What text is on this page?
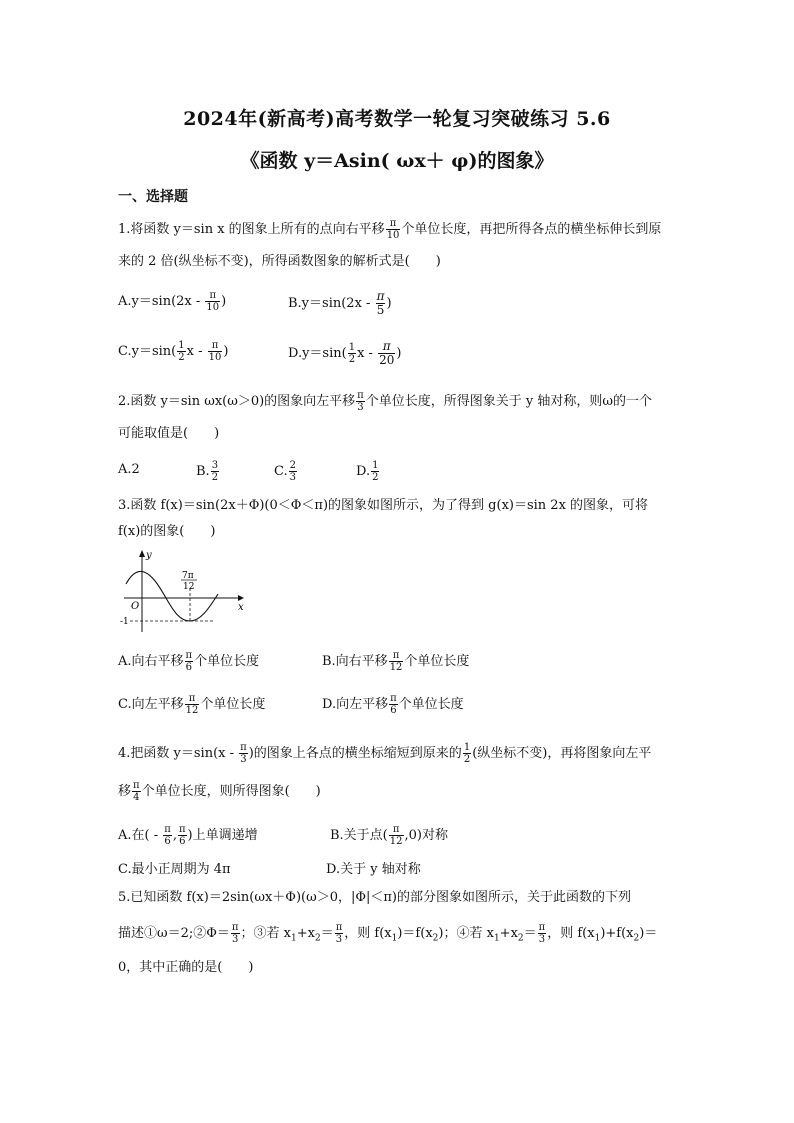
2024年(新高考)高考数学一轮复习突破练习 5.6
《函数 y＝Asin( ωx＋ φ)的图象》
一、选择题
1.将函数 y＝sin x 的图象上所有的点向右平移 $\frac{\pi}{10}$ 个单位长度，再把所得各点的横坐标伸长到原
来的 2 倍(纵坐标不变)，所得函数图象的解析式是(　　)
$A.y=\sin(2x - \frac{\pi}{10}$ )	$B.y=\sin(2x - \frac{\pi}{5}$ )
$C.y=\sin( \frac{1}{2}$ x - $\frac{\pi}{10}$ )	$D.y=\sin( \frac{1}{2}$ x - $\frac{\pi}{20}$ )
2.函数 y＝sin ωx(ω＞0)的图象向左平移 $\frac{\pi}{3}$ 个单位长度，所得图象关于 y 轴对称，则ω的一个
可能取值是(　　)
A.2	B. $\frac{3}{2}$	C. $\frac{2}{3}$	D. $\frac{1}{2}$
3.函数 f(x)＝sin(2x＋Φ)(0＜Φ＜π)的图象如图所示，为了得到 g(x)＝sin 2x 的图象，可将
f(x)的图象(　　)
y
x
O
-1
7π
12
A.向右平移 $\frac{\pi}{6}$ 个单位长度	B.向右平移 $\frac{\pi}{12}$ 个单位长度
C.向左平移 $\frac{\pi}{12}$ 个单位长度	D.向左平移 $\frac{\pi}{6}$ 个单位长度
4.把函数 $y=\sin(x - \frac{\pi}{3}$ )的图象上各点的横坐标缩短到原来的 $\frac{1}{2}$ (纵坐标不变)，再将图象向左平
移 $\frac{\pi}{4}$ 个单位长度，则所得图象(　　)
A.在( - $\frac{\pi}{6}$ , $\frac{\pi}{6}$ )上单调递增	B.关于点( $\frac{\pi}{12} ,0$)对称
C.最小正周期为 4π	D.关于 y 轴对称
5.已知函数 f(x)＝2sin(ωx＋Φ)(ω＞0，|Φ|＜π)的部分图象如图所示，关于此函数的下列
描述①ω＝2;②Φ＝ $\frac{\pi}{3}$ ；③若 $x_1+x_2= \frac{\pi}{3}$ ，则 $f(x_1)=f(x_2)$；④若 $x_1+x_2= \frac{\pi}{3}$ ，则 $f(x_1)+f(x_2)=$
0，其中正确的是(　　)
